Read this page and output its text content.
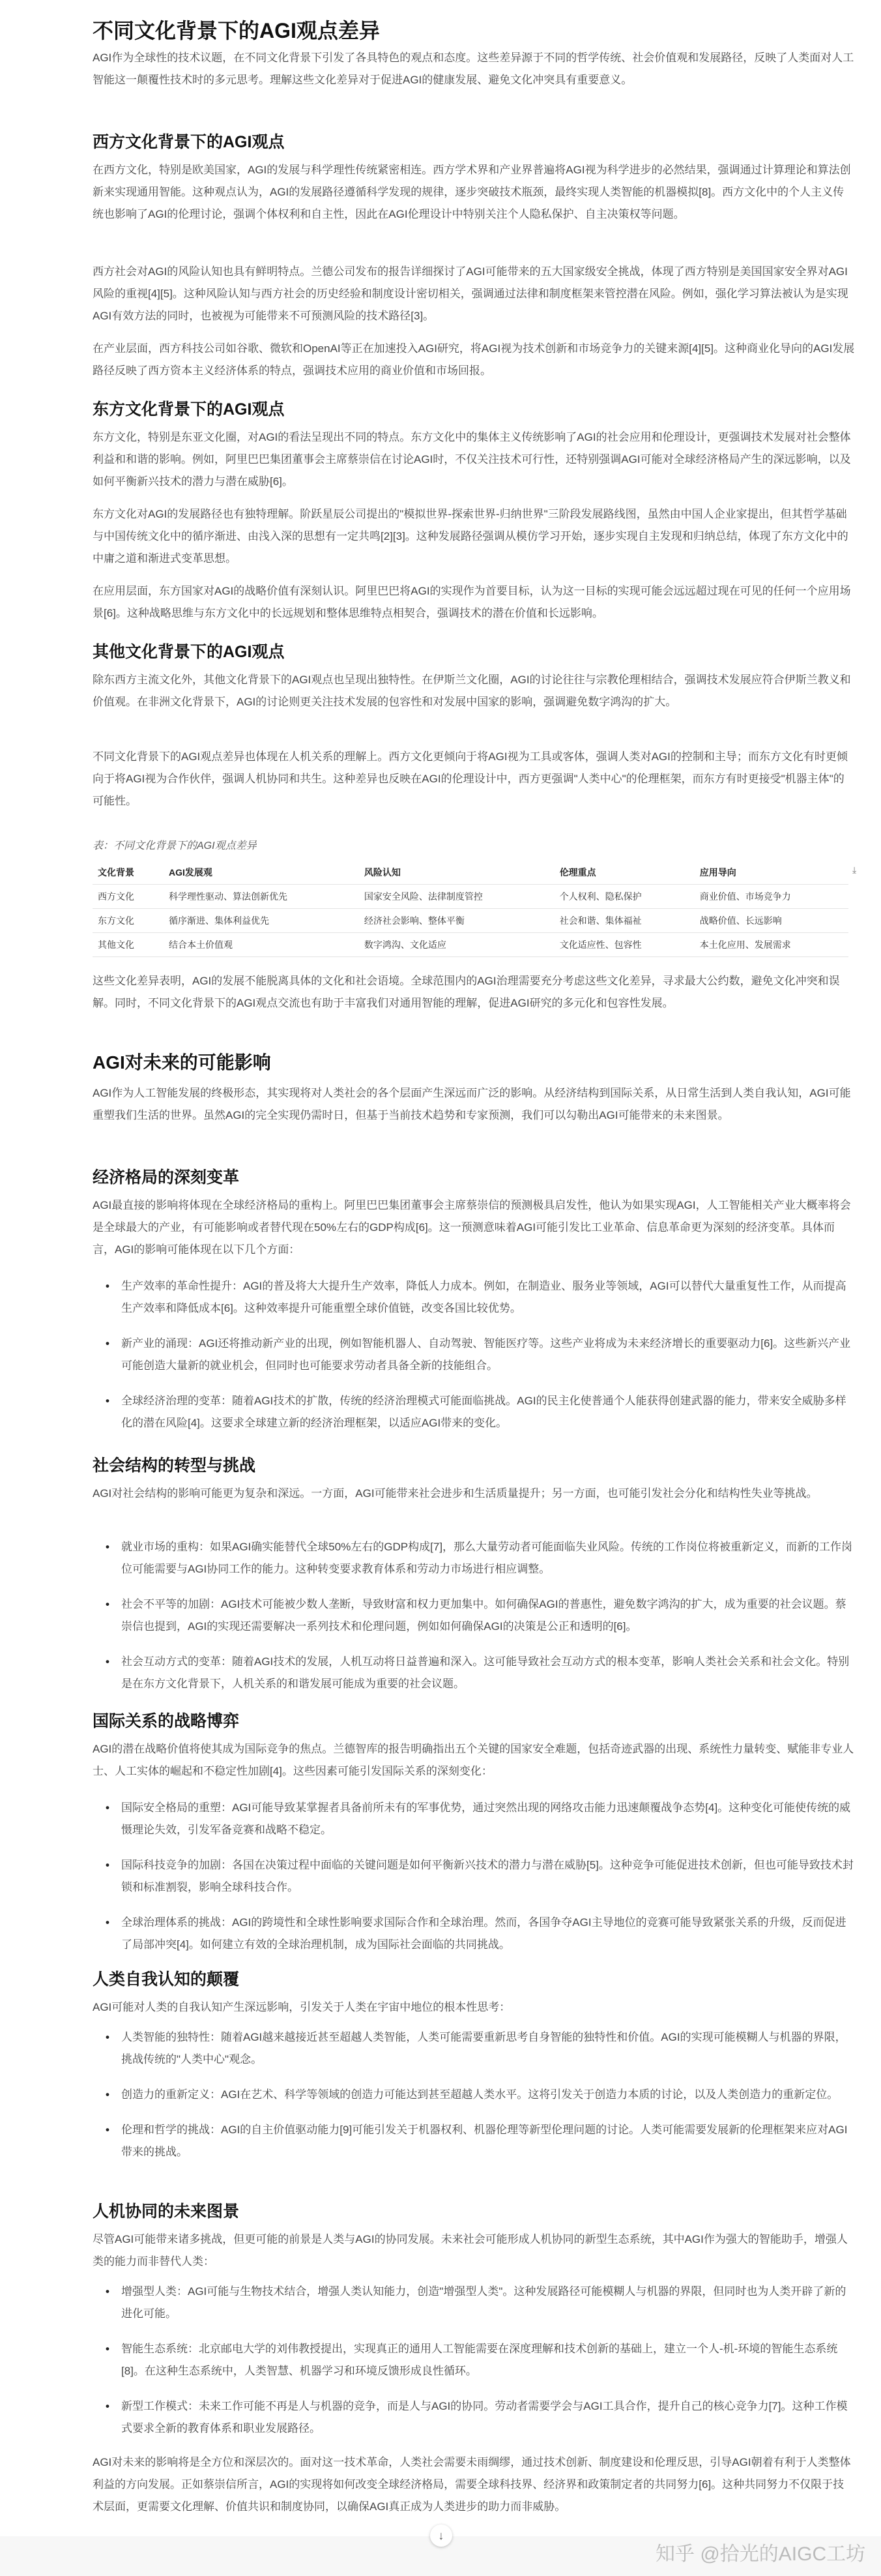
不同文化背景下的AGI观点差异

AGI作为全球性的技术议题，在不同文化背景下引发了各具特色的观点和态度。这些差异源于不同的哲学传统、社会价值观和发展路径，反映了人类面对人工智能这一颠覆性技术时的多元思考。理解这些文化差异对于促进AGI的健康发展、避免文化冲突具有重要意义。

西方文化背景下的AGI观点

在西方文化，特别是欧美国家，AGI的发展与科学理性传统紧密相连。西方学术界和产业界普遍将AGI视为科学进步的必然结果，强调通过计算理论和算法创新来实现通用智能。这种观点认为，AGI的发展路径遵循科学发现的规律，逐步突破技术瓶颈，最终实现人类智能的机器模拟[8]。西方文化中的个人主义传统也影响了AGI的伦理讨论，强调个体权利和自主性，因此在AGI伦理设计中特别关注个人隐私保护、自主决策权等问题。

西方社会对AGI的风险认知也具有鲜明特点。兰德公司发布的报告详细探讨了AGI可能带来的五大国家级安全挑战，体现了西方特别是美国国家安全界对AGI风险的重视[4][5]。这种风险认知与西方社会的历史经验和制度设计密切相关，强调通过法律和制度框架来管控潜在风险。例如，强化学习算法被认为是实现AGI有效方法的同时，也被视为可能带来不可预测风险的技术路径[3]。

在产业层面，西方科技公司如谷歌、微软和OpenAI等正在加速投入AGI研究，将AGI视为技术创新和市场竞争力的关键来源[4][5]。这种商业化导向的AGI发展路径反映了西方资本主义经济体系的特点，强调技术应用的商业价值和市场回报。

东方文化背景下的AGI观点

东方文化，特别是东亚文化圈，对AGI的看法呈现出不同的特点。东方文化中的集体主义传统影响了AGI的社会应用和伦理设计，更强调技术发展对社会整体利益和和谐的影响。例如，阿里巴巴集团董事会主席蔡崇信在讨论AGI时，不仅关注技术可行性，还特别强调AGI可能对全球经济格局产生的深远影响，以及如何平衡新兴技术的潜力与潜在威胁[6]。

东方文化对AGI的发展路径也有独特理解。阶跃星辰公司提出的"模拟世界-探索世界-归纳世界"三阶段发展路线图，虽然由中国人企业家提出，但其哲学基础与中国传统文化中的循序渐进、由浅入深的思想有一定共鸣[2][3]。这种发展路径强调从模仿学习开始，逐步实现自主发现和归纳总结，体现了东方文化中的中庸之道和渐进式变革思想。

在应用层面，东方国家对AGI的战略价值有深刻认识。阿里巴巴将AGI的实现作为首要目标，认为这一目标的实现可能会远远超过现在可见的任何一个应用场景[6]。这种战略思维与东方文化中的长远规划和整体思维特点相契合，强调技术的潜在价值和长远影响。

其他文化背景下的AGI观点

除东西方主流文化外，其他文化背景下的AGI观点也呈现出独特性。在伊斯兰文化圈，AGI的讨论往往与宗教伦理相结合，强调技术发展应符合伊斯兰教义和价值观。在非洲文化背景下，AGI的讨论则更关注技术发展的包容性和对发展中国家的影响，强调避免数字鸿沟的扩大。

不同文化背景下的AGI观点差异也体现在人机关系的理解上。西方文化更倾向于将AGI视为工具或客体，强调人类对AGI的控制和主导；而东方文化有时更倾向于将AGI视为合作伙伴，强调人机协同和共生。这种差异也反映在AGI的伦理设计中，西方更强调"人类中心"的伦理框架，而东方有时更接受"机器主体"的可能性。

表：不同文化背景下的AGI观点差异
文化背景	AGI发展观	风险认知	伦理重点	应用导向
西方文化	科学理性驱动、算法创新优先	国家安全风险、法律制度管控	个人权利、隐私保护	商业价值、市场竞争力
东方文化	循序渐进、集体利益优先	经济社会影响、整体平衡	社会和谐、集体福祉	战略价值、长远影响
其他文化	结合本土价值观	数字鸿沟、文化适应	文化适应性、包容性	本土化应用、发展需求
⤓

这些文化差异表明，AGI的发展不能脱离具体的文化和社会语境。全球范围内的AGI治理需要充分考虑这些文化差异，寻求最大公约数，避免文化冲突和误解。同时，不同文化背景下的AGI观点交流也有助于丰富我们对通用智能的理解，促进AGI研究的多元化和包容性发展。

AGI对未来的可能影响

AGI作为人工智能发展的终极形态，其实现将对人类社会的各个层面产生深远而广泛的影响。从经济结构到国际关系，从日常生活到人类自我认知，AGI可能重塑我们生活的世界。虽然AGI的完全实现仍需时日，但基于当前技术趋势和专家预测，我们可以勾勒出AGI可能带来的未来图景。

经济格局的深刻变革

AGI最直接的影响将体现在全球经济格局的重构上。阿里巴巴集团董事会主席蔡崇信的预测极具启发性，他认为如果实现AGI，人工智能相关产业大概率将会是全球最大的产业，有可能影响或者替代现在50%左右的GDP构成[6]。这一预测意味着AGI可能引发比工业革命、信息革命更为深刻的经济变革。具体而言，AGI的影响可能体现在以下几个方面：

• 生产效率的革命性提升：AGI的普及将大大提升生产效率，降低人力成本。例如，在制造业、服务业等领域，AGI可以替代大量重复性工作，从而提高生产效率和降低成本[6]。这种效率提升可能重塑全球价值链，改变各国比较优势。
• 新产业的涌现：AGI还将推动新产业的出现，例如智能机器人、自动驾驶、智能医疗等。这些产业将成为未来经济增长的重要驱动力[6]。这些新兴产业可能创造大量新的就业机会，但同时也可能要求劳动者具备全新的技能组合。
• 全球经济治理的变革：随着AGI技术的扩散，传统的经济治理模式可能面临挑战。AGI的民主化使普通个人能获得创建武器的能力，带来安全威胁多样化的潜在风险[4]。这要求全球建立新的经济治理框架，以适应AGI带来的变化。
社会结构的转型与挑战

AGI对社会结构的影响可能更为复杂和深远。一方面，AGI可能带来社会进步和生活质量提升；另一方面，也可能引发社会分化和结构性失业等挑战。

• 就业市场的重构：如果AGI确实能替代全球50%左右的GDP构成[7]，那么大量劳动者可能面临失业风险。传统的工作岗位将被重新定义，而新的工作岗位可能需要与AGI协同工作的能力。这种转变要求教育体系和劳动力市场进行相应调整。
• 社会不平等的加剧：AGI技术可能被少数人垄断，导致财富和权力更加集中。如何确保AGI的普惠性，避免数字鸿沟的扩大，成为重要的社会议题。蔡崇信也提到，AGI的实现还需要解决一系列技术和伦理问题，例如如何确保AGI的决策是公正和透明的[6]。
• 社会互动方式的变革：随着AGI技术的发展，人机互动将日益普遍和深入。这可能导致社会互动方式的根本变革，影响人类社会关系和社会文化。特别是在东方文化背景下，人机关系的和谐发展可能成为重要的社会议题。
国际关系的战略博弈

AGI的潜在战略价值将使其成为国际竞争的焦点。兰德智库的报告明确指出五个关键的国家安全难题，包括奇迹武器的出现、系统性力量转变、赋能非专业人士、人工实体的崛起和不稳定性加剧[4]。这些因素可能引发国际关系的深刻变化：

• 国际安全格局的重塑：AGI可能导致某掌握者具备前所未有的军事优势，通过突然出现的网络攻击能力迅速颠覆战争态势[4]。这种变化可能使传统的威慑理论失效，引发军备竞赛和战略不稳定。
• 国际科技竞争的加剧：各国在决策过程中面临的关键问题是如何平衡新兴技术的潜力与潜在威胁[5]。这种竞争可能促进技术创新，但也可能导致技术封锁和标准割裂，影响全球科技合作。
• 全球治理体系的挑战：AGI的跨境性和全球性影响要求国际合作和全球治理。然而，各国争夺AGI主导地位的竞赛可能导致紧张关系的升级，反而促进了局部冲突[4]。如何建立有效的全球治理机制，成为国际社会面临的共同挑战。
人类自我认知的颠覆

AGI可能对人类的自我认知产生深远影响，引发关于人类在宇宙中地位的根本性思考：

• 人类智能的独特性：随着AGI越来越接近甚至超越人类智能，人类可能需要重新思考自身智能的独特性和价值。AGI的实现可能模糊人与机器的界限，挑战传统的"人类中心"观念。
• 创造力的重新定义：AGI在艺术、科学等领域的创造力可能达到甚至超越人类水平。这将引发关于创造力本质的讨论，以及人类创造力的重新定位。
• 伦理和哲学的挑战：AGI的自主价值驱动能力[9]可能引发关于机器权利、机器伦理等新型伦理问题的讨论。人类可能需要发展新的伦理框架来应对AGI带来的挑战。
人机协同的未来图景

尽管AGI可能带来诸多挑战，但更可能的前景是人类与AGI的协同发展。未来社会可能形成人机协同的新型生态系统，其中AGI作为强大的智能助手，增强人类的能力而非替代人类：

• 增强型人类：AGI可能与生物技术结合，增强人类认知能力，创造"增强型人类"。这种发展路径可能模糊人与机器的界限，但同时也为人类开辟了新的进化可能。
• 智能生态系统：北京邮电大学的刘伟教授提出，实现真正的通用人工智能需要在深度理解和技术创新的基础上，建立一个人-机-环境的智能生态系统[8]。在这种生态系统中，人类智慧、机器学习和环境反馈形成良性循环。
• 新型工作模式：未来工作可能不再是人与机器的竞争，而是人与AGI的协同。劳动者需要学会与AGI工具合作，提升自己的核心竞争力[7]。这种工作模式要求全新的教育体系和职业发展路径。

AGI对未来的影响将是全方位和深层次的。面对这一技术革命，人类社会需要未雨绸缪，通过技术创新、制度建设和伦理反思，引导AGI朝着有利于人类整体利益的方向发展。正如蔡崇信所言，AGI的实现将如何改变全球经济格局，需要全球科技界、经济界和政策制定者的共同努力[6]。这种共同努力不仅限于技术层面，更需要文化理解、价值共识和制度协同，以确保AGI真正成为人类进步的助力而非威胁。

↓
知乎 @拾光的AIGC工坊
